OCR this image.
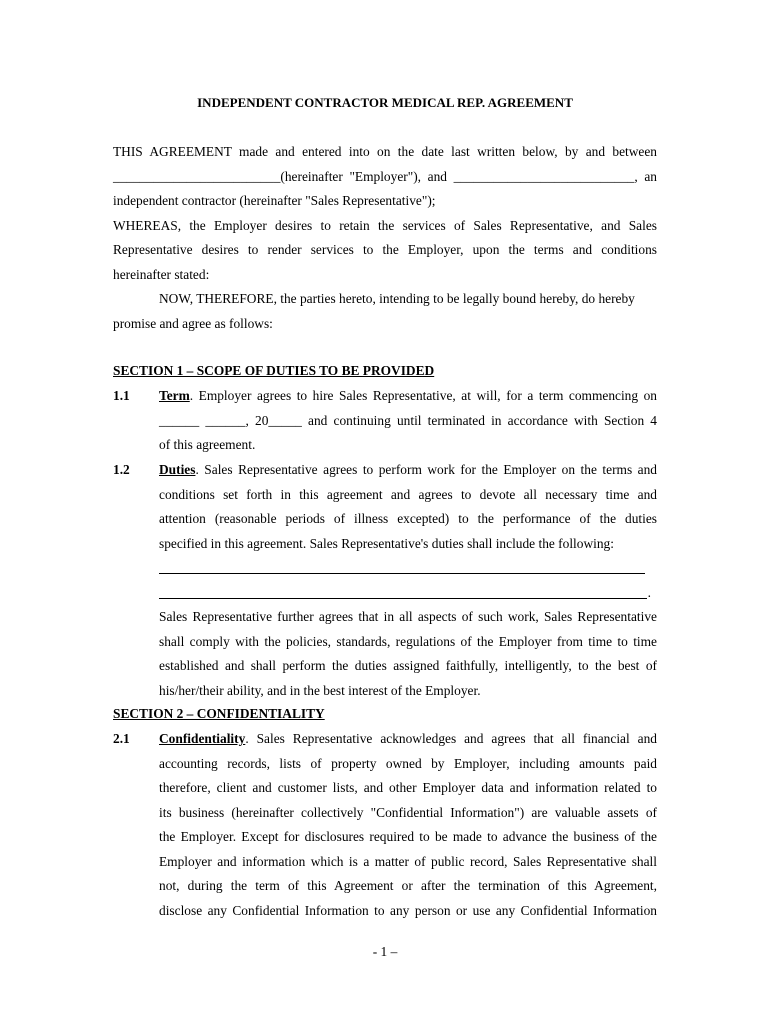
INDEPENDENT CONTRACTOR MEDICAL REP. AGREEMENT
THIS AGREEMENT made and entered into on the date last written below, by and between
_________________________(hereinafter "Employer"), and ___________________________, an
independent contractor (hereinafter "Sales Representative");
WHEREAS, the Employer desires to retain the services of Sales Representative, and Sales
Representative desires to render services to the Employer, upon the terms and conditions
hereinafter stated:
NOW, THEREFORE, the parties hereto, intending to be legally bound hereby, do hereby
promise and agree as follows:
SECTION 1 – SCOPE OF DUTIES TO BE PROVIDED
1.1 Term. Employer agrees to hire Sales Representative, at will, for a term commencing on
______ ______, 20_____ and continuing until terminated in accordance with Section 4
of this agreement.
1.2 Duties. Sales Representative agrees to perform work for the Employer on the terms and
conditions set forth in this agreement and agrees to devote all necessary time and
attention (reasonable periods of illness excepted) to the performance of the duties
specified in this agreement. Sales Representative's duties shall include the following:
.
Sales Representative further agrees that in all aspects of such work, Sales Representative
shall comply with the policies, standards, regulations of the Employer from time to time
established and shall perform the duties assigned faithfully, intelligently, to the best of
his/her/their ability, and in the best interest of the Employer.
SECTION 2 – CONFIDENTIALITY
2.1 Confidentiality. Sales Representative acknowledges and agrees that all financial and
accounting records, lists of property owned by Employer, including amounts paid
therefore, client and customer lists, and other Employer data and information related to
its business (hereinafter collectively "Confidential Information") are valuable assets of
the Employer. Except for disclosures required to be made to advance the business of the
Employer and information which is a matter of public record, Sales Representative shall
not, during the term of this Agreement or after the termination of this Agreement,
disclose any Confidential Information to any person or use any Confidential Information
- 1 –
